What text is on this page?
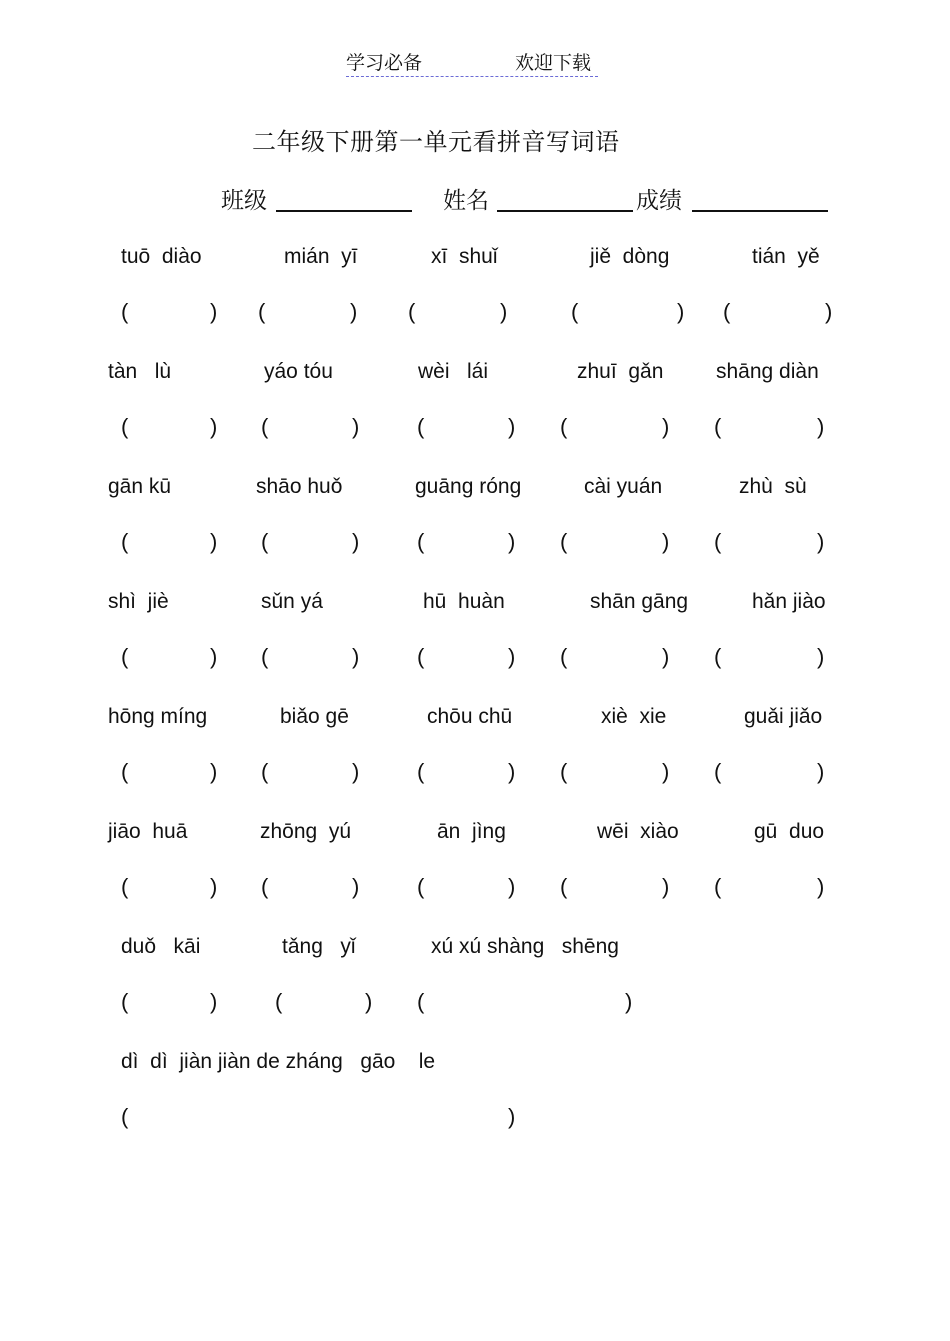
学习必备	欢迎下载
二年级下册第一单元看拼音写词语
班级	姓名	成绩
tuō  diào
(	)
mián  yī
(	)
xī  shuǐ
(	)
jiě  dòng
(	)
tián  yě
(	)
tàn   lù
(	)
yáo tóu
(	)
wèi   lái
(	)
zhuī  gǎn
(	)
shāng diàn
(	)
gān kū
(	)
shāo huǒ
(	)
guāng róng
(	)
cài yuán
(	)
zhù  sù
(	)
shì  jiè
(	)
sǔn yá
(	)
hū  huàn
(	)
shān gāng
(	)
hǎn jiào
(	)
hōng míng
(	)
biǎo gē
(	)
chōu chū
(	)
xiè  xie
(	)
guǎi jiǎo
(	)
jiāo  huā
(	)
zhōng  yú
(	)
ān  jìng
(	)
wēi  xiào
(	)
gū  duo
(	)
duǒ   kāi
(	)
tǎng   yǐ
(	)
xú xú shàng   shēng
(	)
dì  dì  jiàn jiàn de zháng   gāo    le
(	)
